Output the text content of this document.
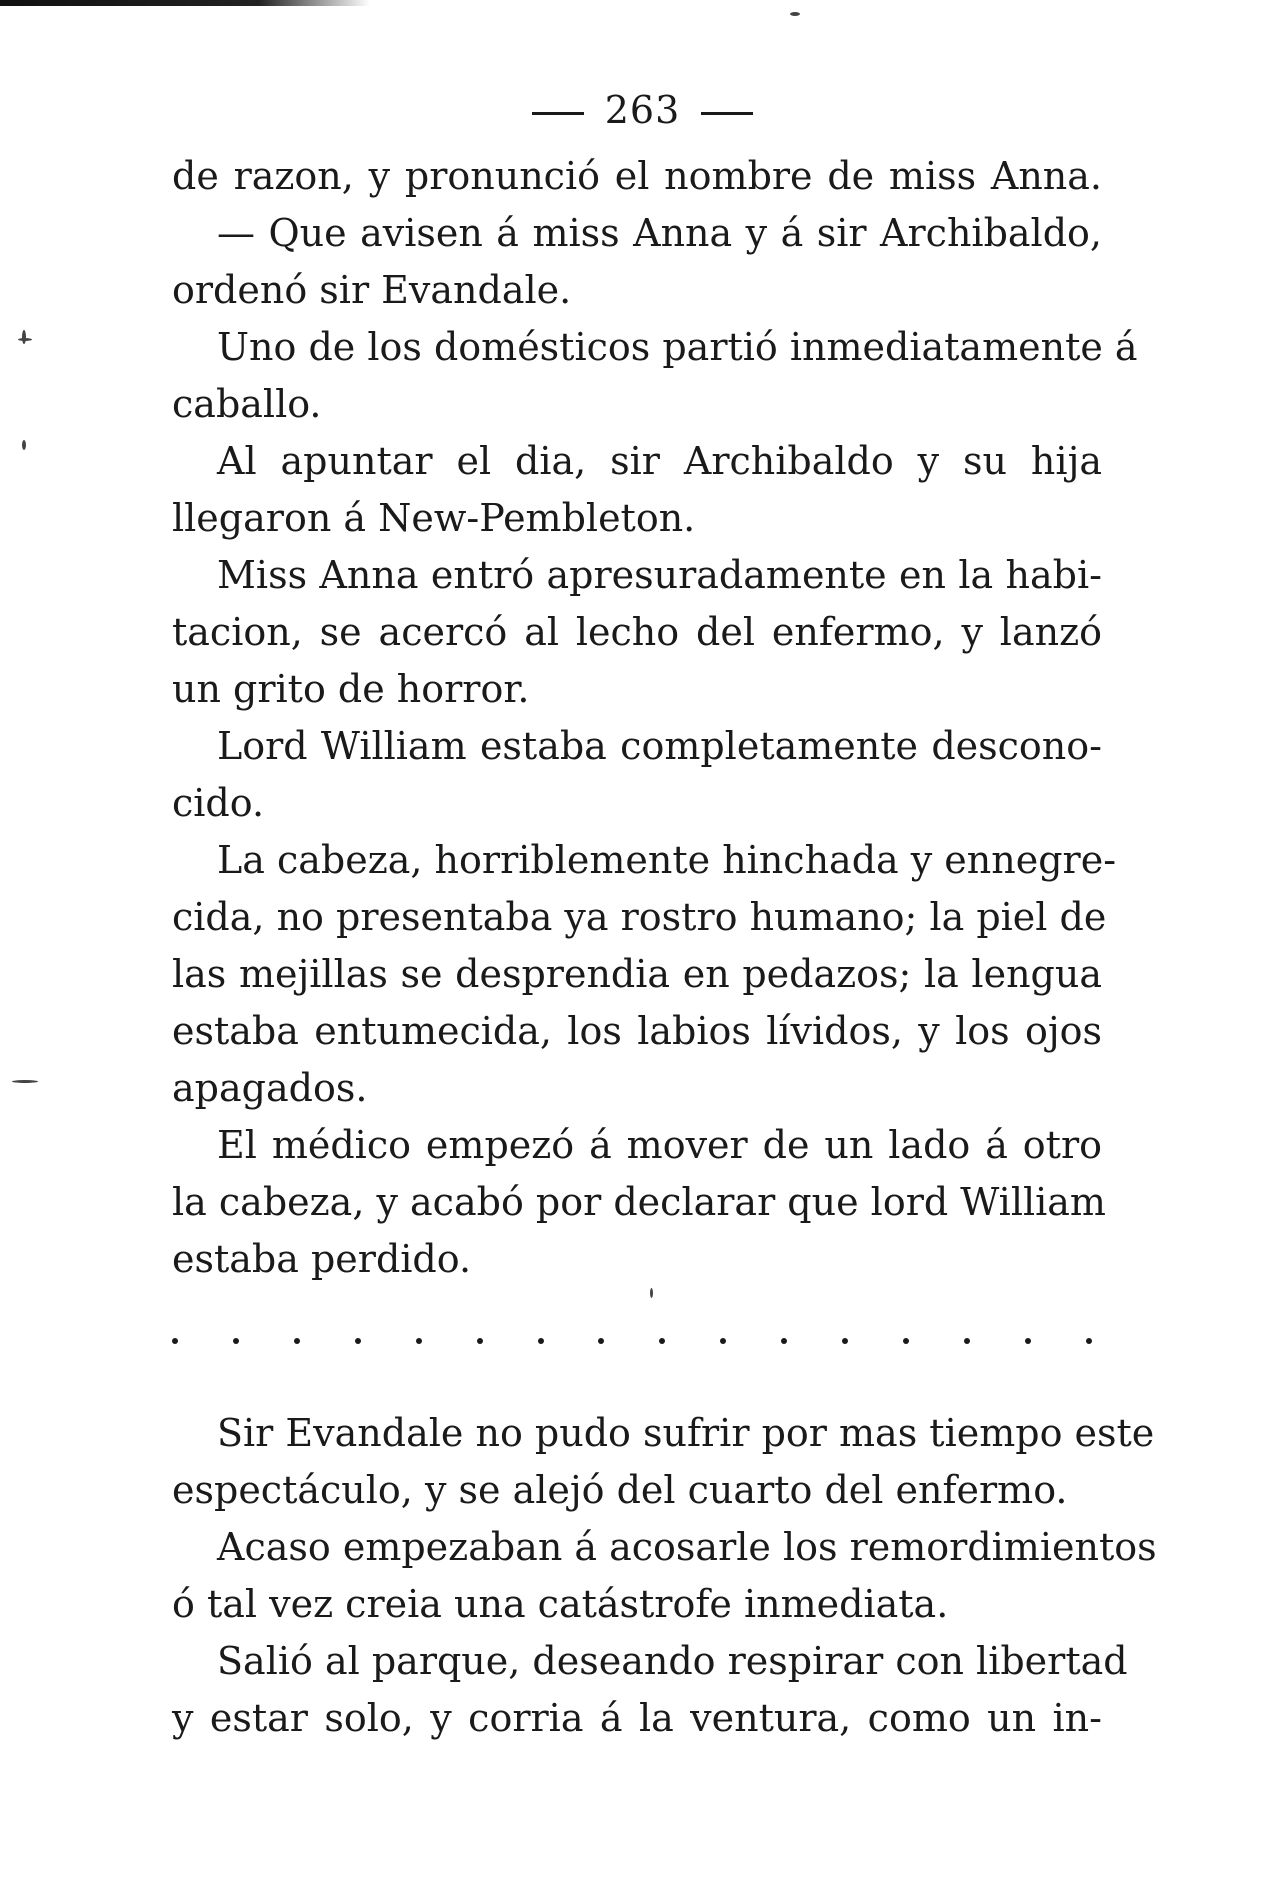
263
de razon, y pronunció el nombre de miss Anna.
— Que avisen á miss Anna y á sir Archibaldo,
ordenó sir Evandale.
Uno de los domésticos partió inmediatamente á
caballo.
Al apuntar el dia, sir Archibaldo y su hija
llegaron á New-Pembleton.
Miss Anna entró apresuradamente en la habi-
tacion, se acercó al lecho del enfermo, y lanzó
un grito de horror.
Lord William estaba completamente descono-
cido.
La cabeza, horriblemente hinchada y ennegre-
cida, no presentaba ya rostro humano; la piel de
las mejillas se desprendia en pedazos; la lengua
estaba entumecida, los labios lívidos, y los ojos
apagados.
El médico empezó á mover de un lado á otro
la cabeza, y acabó por declarar que lord William
estaba perdido.
Sir Evandale no pudo sufrir por mas tiempo este
espectáculo, y se alejó del cuarto del enfermo.
Acaso empezaban á acosarle los remordimientos
ó tal vez creia una catástrofe inmediata.
Salió al parque, deseando respirar con libertad
y estar solo, y corria á la ventura, como un in-
